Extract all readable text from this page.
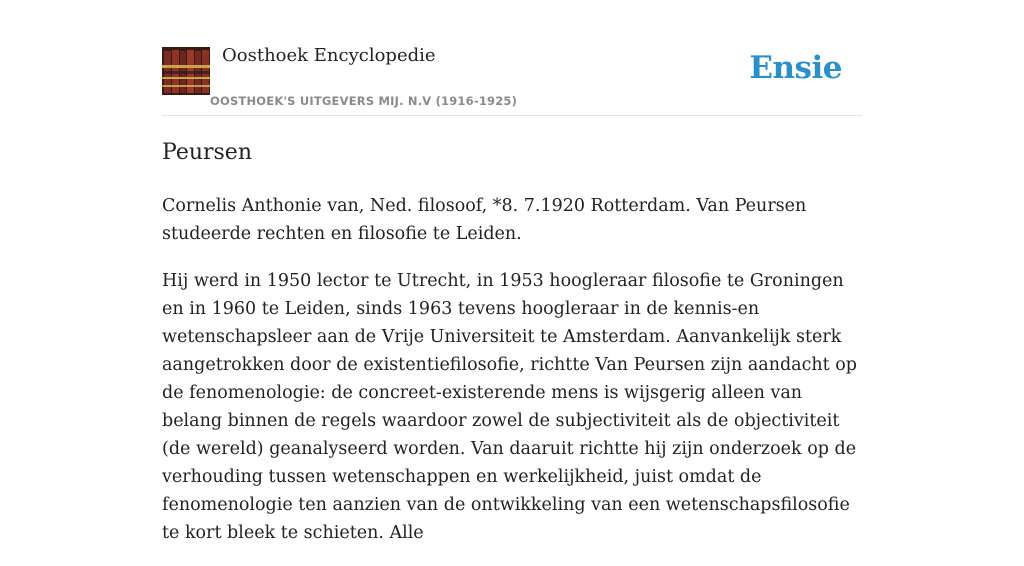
Oosthoek Encyclopedie
OOSTHOEK'S UITGEVERS MIJ. N.V (1916-1925)
Ensie
Peursen

Cornelis Anthonie van, Ned. filosoof, *8. 7.1920 Rotterdam. Van Peursen studeerde rechten en filosofie te Leiden.

Hij werd in 1950 lector te Utrecht, in 1953 hoogleraar filosofie te Groningen en in 1960 te Leiden, sinds 1963 tevens hoogleraar in de kennis-en wetenschapsleer aan de Vrije Universiteit te Amsterdam. Aanvankelijk sterk aangetrokken door de existentiefilosofie, richtte Van Peursen zijn aandacht op de fenomenologie: de concreet-existerende mens is wijsgerig alleen van belang binnen de regels waardoor zowel de subjectiviteit als de objectiviteit (de wereld) geanalyseerd worden. Van daaruit richtte hij zijn onderzoek op de verhouding tussen wetenschappen en werkelijkheid, juist omdat de fenomenologie ten aanzien van de ontwikkeling van een wetenschapsfilosofie te kort bleek te schieten. Alle
